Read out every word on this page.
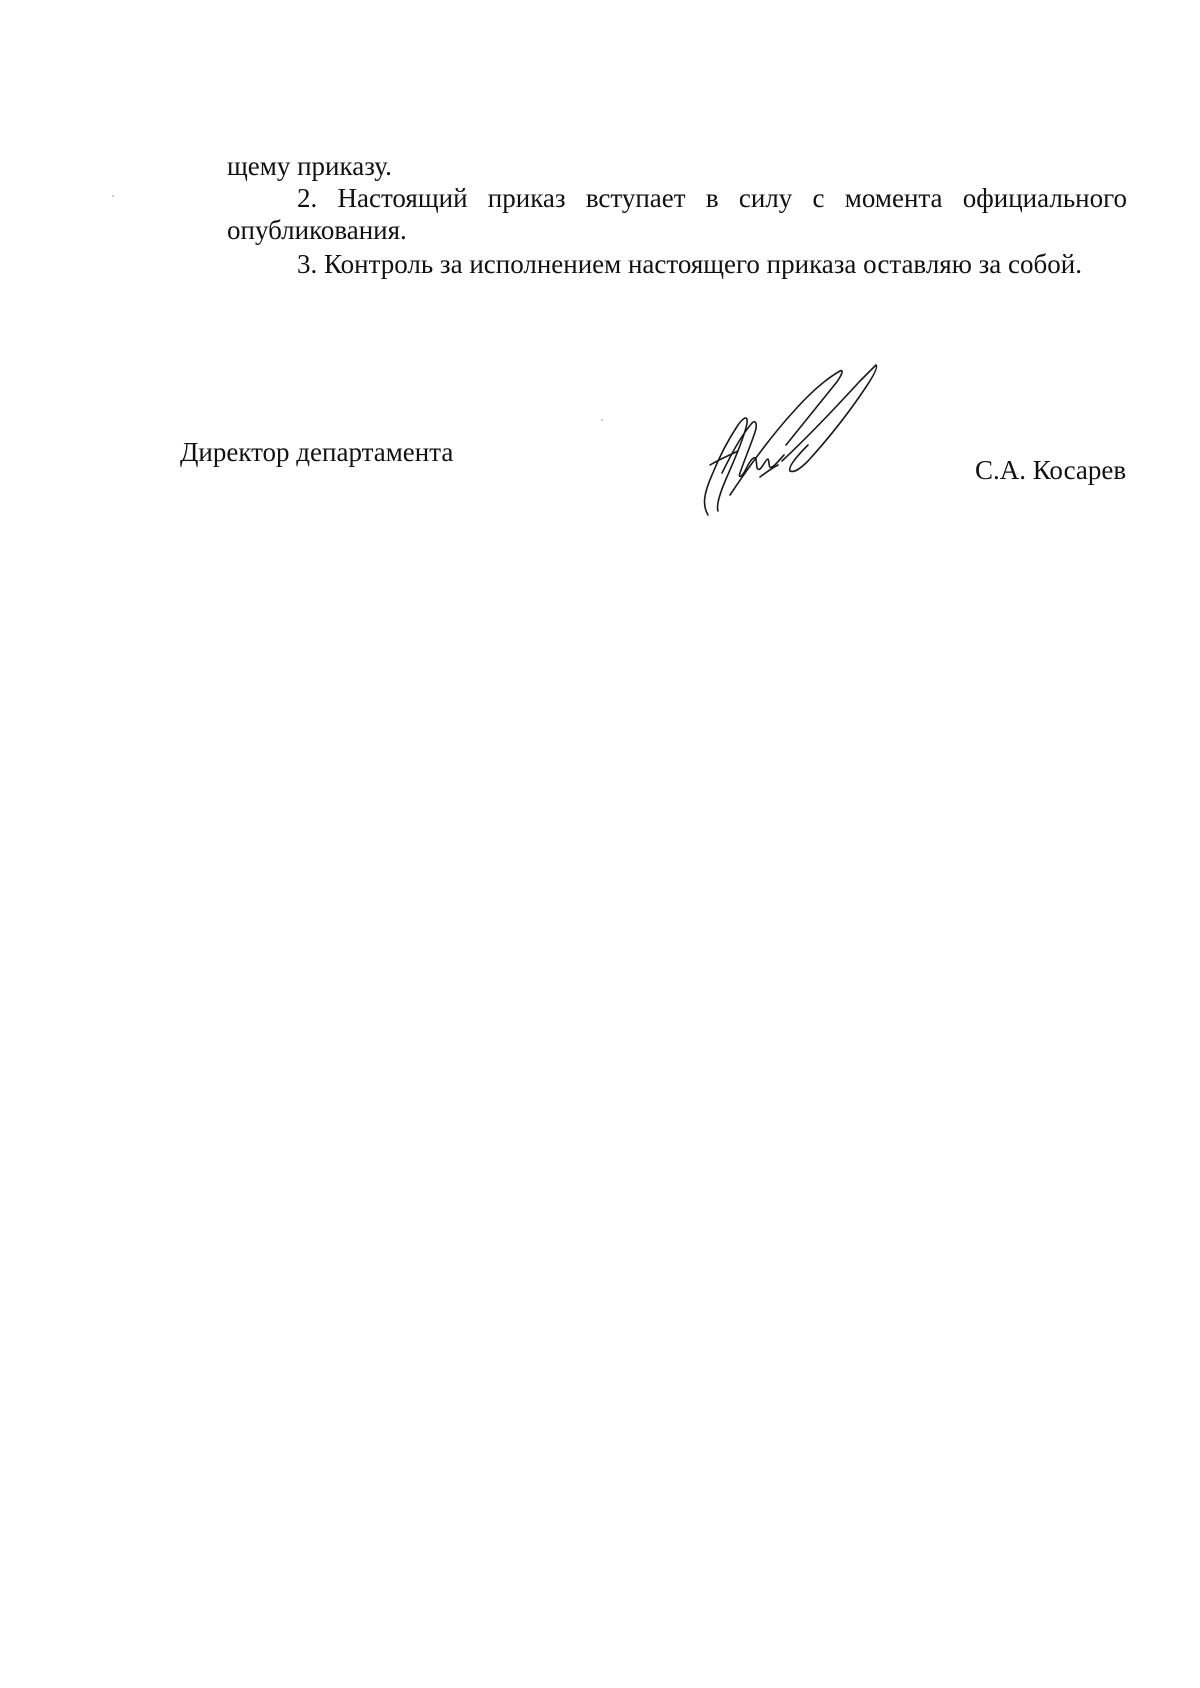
щему приказу.

2. Настоящий приказ вступает в силу с момента официального
опубликования.

3. Контроль за исполнением настоящего приказа оставляю за собой.

Директор департамента
С.А. Косарев
